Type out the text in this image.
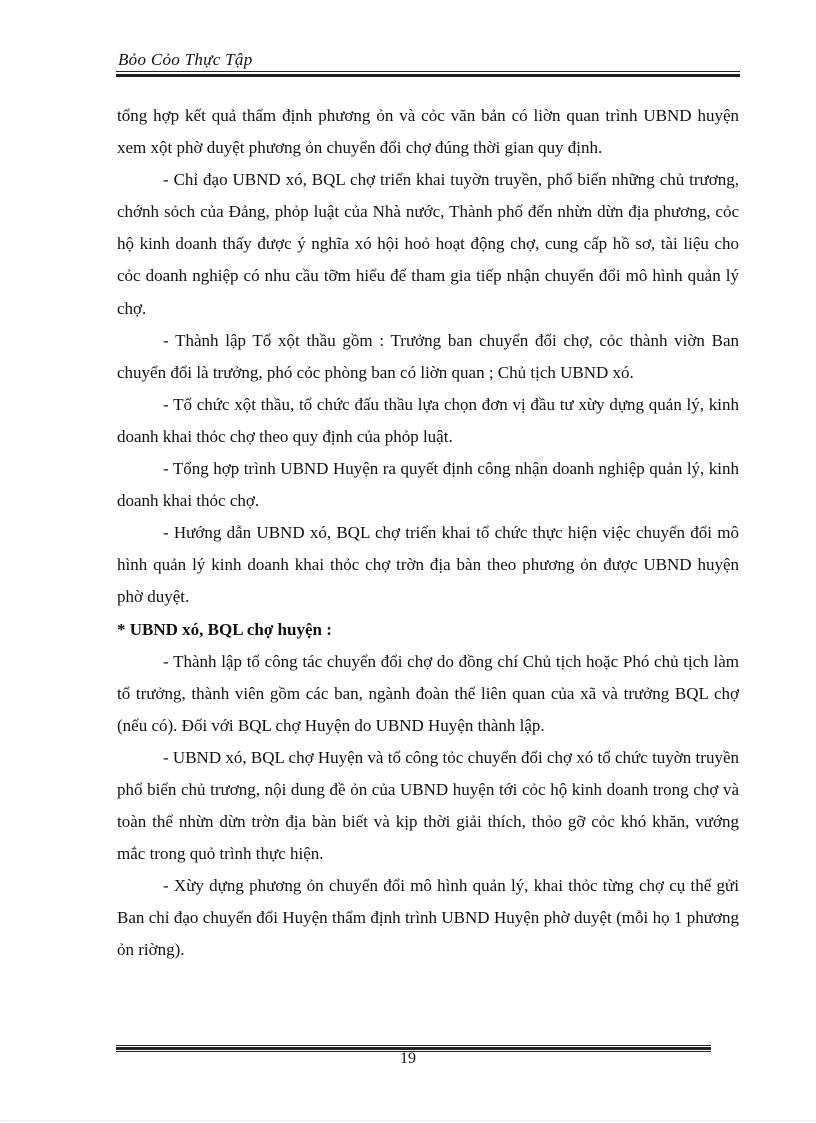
Bỏo Cỏo Thực Tập

tổng hợp kết quả thẩm định phương ỏn và cỏc văn bản có liờn quan trình UBND huyện xem xột phờ duyệt phương ỏn chuyển đổi chợ đúng thời gian quy định.

- Chỉ đạo UBND xó, BQL chợ triển khai tuyờn truyền, phổ biến những chủ trương, chớnh sỏch của Đảng, phỏp luật của Nhà nước, Thành phố đến nhừn dừn địa phương, cỏc hộ kinh doanh thấy được ý nghĩa xó hội hoỏ hoạt động chợ, cung cấp hồ sơ, tài liệu cho cỏc doanh nghiệp có nhu cầu tỡm hiểu để tham gia tiếp nhận chuyển đổi mô hình quản lý chợ.

- Thành lập Tổ xột thầu gồm : Trưởng ban chuyển đổi chợ, cỏc thành viờn Ban chuyển đổi là trưởng, phó cỏc phòng ban có liờn quan ; Chủ tịch UBND xó.

- Tổ chức xột thầu, tổ chức đấu thầu lựa chọn đơn vị đầu tư xừy dựng quản lý, kinh doanh khai thỏc chợ theo quy định của phỏp luật.

- Tổng hợp trình UBND Huyện ra quyết định công nhận doanh nghiệp quản lý, kinh doanh khai thỏc chợ.

- Hướng dẫn UBND xó, BQL chợ triển khai tổ chức thực hiện việc chuyển đổi mô hình quản lý kinh doanh khai thỏc chợ trờn địa bàn theo phương ỏn được UBND huyện phờ duyệt.

* UBND xó, BQL chợ huyện :

- Thành lập tổ công tác chuyển đổi chợ do đồng chí Chủ tịch hoặc Phó chủ tịch làm tổ trưởng, thành viên gồm các ban, ngành đoàn thể liên quan của xã và trưởng BQL chợ (nếu có). Đối với BQL chợ Huyện do UBND Huyện thành lập.

- UBND xó, BQL chợ Huyện và tổ công tỏc chuyển đổi chợ xó tổ chức tuyờn truyền phổ biến chủ trương, nội dung đề ỏn của UBND huyện tới cỏc hộ kinh doanh trong chợ và toàn thể nhừn dừn trờn địa bàn biết và kịp thời giải thích, thỏo gỡ cỏc khó khăn, vướng mắc trong quỏ trình thực hiện.

- Xừy dựng phương ỏn chuyển đổi mô hình quản lý, khai thỏc từng chợ cụ thể gửi Ban chỉ đạo chuyển đổi Huyện thẩm định trình UBND Huyện phờ duyệt (mỗi họ 1 phương ỏn riờng).

19
